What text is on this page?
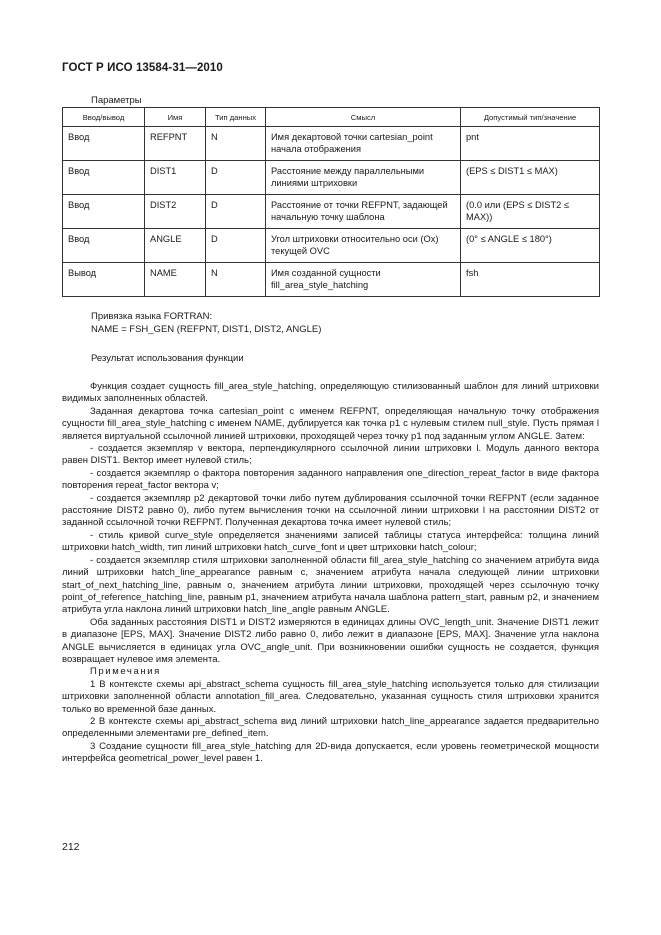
ГОСТ Р ИСО 13584-31—2010
Параметры
Ввод/вывод	Имя	Тип данных	Смысл	Допустимый тип/значение
Ввод	REFPNT	N	Имя декартовой точки cartesian_point начала отображения	pnt
Ввод	DIST1	D	Расстояние между параллельными линиями штриховки	(EPS ≤ DIST1 ≤ MAX)
Ввод	DIST2	D	Расстояние от точки REFPNT, задающей начальную точку шаблона	(0.0 или (EPS ≤ DIST2 ≤ MAX))
Ввод	ANGLE	D	Угол штриховки относительно оси (Ox) текущей OVC	(0° ≤ ANGLE ≤ 180°)
Вывод	NAME	N	Имя созданной сущности fill_area_style_hatching	fsh
Привязка языка FORTRAN:
NAME = FSH_GEN (REFPNT, DIST1, DIST2, ANGLE)
Результат использования функции

Функция создает сущность fill_area_style_hatching, определяющую стилизованный шаблон для линий штриховки видимых заполненных областей.

Заданная декартова точка cartesian_point с именем REFPNT, определяющая начальную точку отображения сущности fill_area_style_hatching с именем NAME, дублируется как точка p1 с нулевым стилем null_style. Пусть прямая l является виртуальной ссылочной линией штриховки, проходящей через точку p1 под заданным углом ANGLE. Затем:

- создается экземпляр v вектора, перпендикулярного ссылочной линии штриховки l. Модуль данного вектора равен DIST1. Вектор имеет нулевой стиль;

- создается экземпляр o фактора повторения заданного направления one_direction_repeat_factor в виде фактора повторения repeat_factor вектора v;

- создается экземпляр p2 декартовой точки либо путем дублирования ссылочной точки REFPNT (если заданное расстояние DIST2 равно 0), либо путем вычисления точки на ссылочной линии штриховки l на расстоянии DIST2 от заданной ссылочной точки REFPNT. Полученная декартова точка имеет нулевой стиль;

- стиль кривой curve_style определяется значениями записей таблицы статуса интерфейса: толщина линий штриховки hatch_width, тип линий штриховки hatch_curve_font и цвет штриховки hatch_colour;

- создается экземпляр стиля штриховки заполненной области fill_area_style_hatching со значением атрибута вида линий штриховки hatch_line_appearance равным c, значением атрибута начала следующей линии штриховки start_of_next_hatching_line, равным o, значением атрибута линии штриховки, проходящей через ссылочную точку point_of_reference_hatching_line, равным p1, значением атрибута начала шаблона pattern_start, равным p2, и значением атрибута угла наклона линий штриховки hatch_line_angle равным ANGLE.

Оба заданных расстояния DIST1 и DIST2 измеряются в единицах длины OVC_length_unit. Значение DIST1 лежит в диапазоне [EPS, MAX]. Значение DIST2 либо равно 0, либо лежит в диапазоне [EPS, MAX]. Значение угла наклона ANGLE вычисляется в единицах угла OVC_angle_unit. При возникновении ошибки сущность не создается, функция возвращает нулевое имя элемента.

Примечания

1 В контексте схемы api_abstract_schema сущность fill_area_style_hatching используется только для стилизации штриховки заполненной области annotation_fill_area. Следовательно, указанная сущность стиля штриховки хранится только во временной базе данных.

2 В контексте схемы api_abstract_schema вид линий штриховки hatch_line_appearance задается предварительно определенными элементами pre_defined_item.

3 Создание сущности fill_area_style_hatching для 2D-вида допускается, если уровень геометрической мощности интерфейса geometrical_power_level равен 1.

212
